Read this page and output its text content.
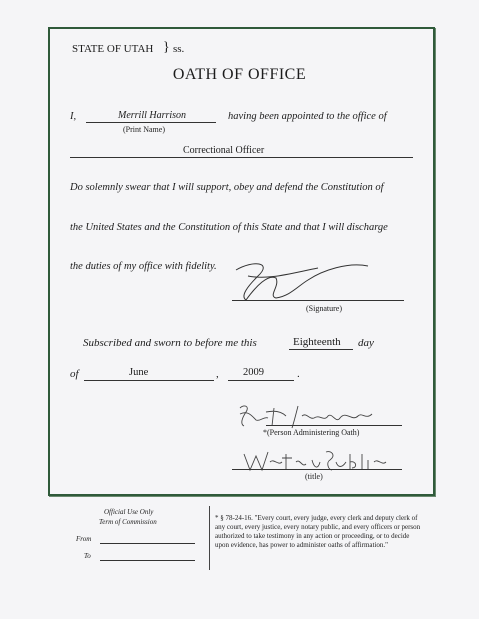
STATE OF UTAH } ss.
OATH OF OFFICE
I,	Merrill Harrison
(Print Name)
having been appointed to the office of
Correctional Officer
Do solemnly swear that I will support, obey and defend the Constitution of
the United States and the Constitution of this State and that I will discharge
the duties of my office with fidelity.
(Signature)
Subscribed and sworn to before me this	Eighteenth day
of	June	, 2009	.
*(Person Administering Oath)
(title)
Official Use Only
Term of Commission
From
To
* § 78-24-16. "Every court, every judge, every clerk and deputy clerk of any court, every justice, every notary public, and every officers or person authorized to take testimony in any action or proceeding, or to decide upon evidence, has power to administer oaths of affirmation."
